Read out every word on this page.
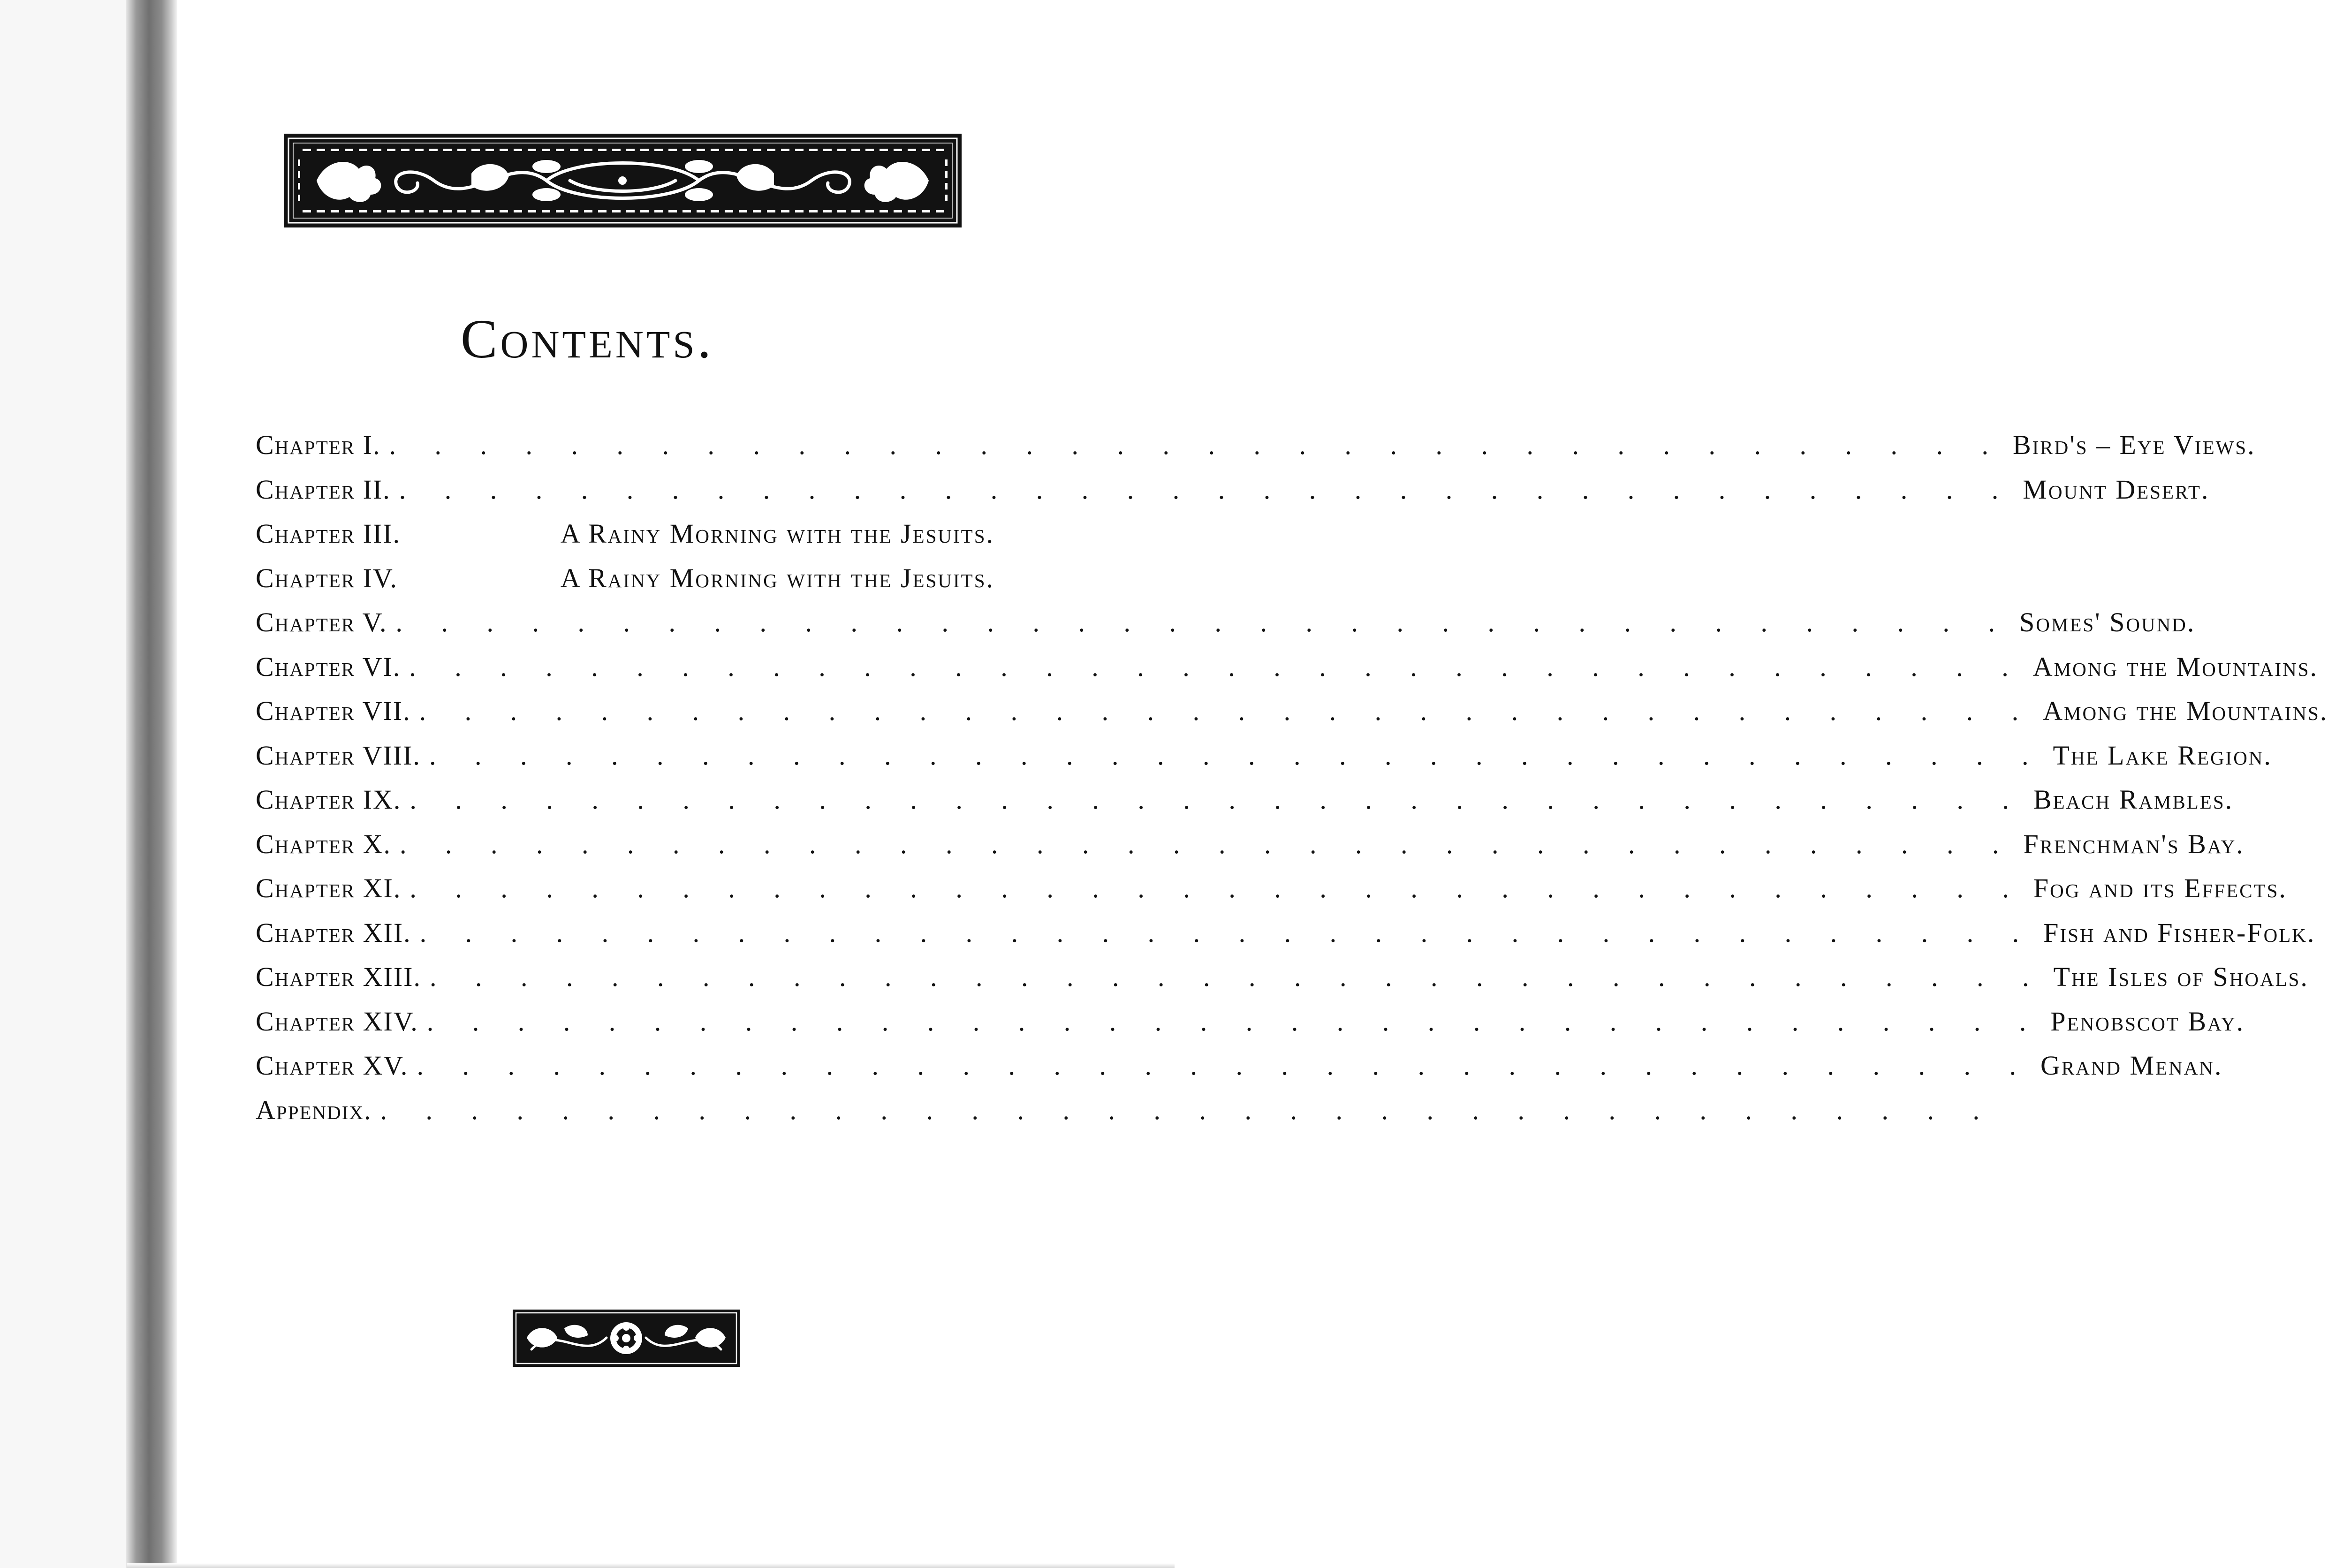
Contents.
Chapter I. . . . . . . . . . . . . . . . . . . . . . . . . . . . . . . . . . . . . Bird's – Eye Views.
Chapter II. . . . . . . . . . . . . . . . . . . . . . . . . . . . . . . . . . . . . Mount Desert.
Chapter III.	A Rainy Morning with the Jesuits.
Chapter IV.	A Rainy Morning with the Jesuits.
Chapter V. . . . . . . . . . . . . . . . . . . . . . . . . . . . . . . . . . . . . Somes' Sound.
Chapter VI. . . . . . . . . . . . . . . . . . . . . . . . . . . . . . . . . . . . . Among the Mountains.
Chapter VII. . . . . . . . . . . . . . . . . . . . . . . . . . . . . . . . . . . . . Among the Mountains.
Chapter VIII. . . . . . . . . . . . . . . . . . . . . . . . . . . . . . . . . . . . . The Lake Region.
Chapter IX. . . . . . . . . . . . . . . . . . . . . . . . . . . . . . . . . . . . . Beach Rambles.
Chapter X. . . . . . . . . . . . . . . . . . . . . . . . . . . . . . . . . . . . . Frenchman's Bay.
Chapter XI. . . . . . . . . . . . . . . . . . . . . . . . . . . . . . . . . . . . . Fog and its Effects.
Chapter XII. . . . . . . . . . . . . . . . . . . . . . . . . . . . . . . . . . . . . Fish and Fisher-Folk.
Chapter XIII. . . . . . . . . . . . . . . . . . . . . . . . . . . . . . . . . . . . . The Isles of Shoals.
Chapter XIV. . . . . . . . . . . . . . . . . . . . . . . . . . . . . . . . . . . . . Penobscot Bay.
Chapter XV. . . . . . . . . . . . . . . . . . . . . . . . . . . . . . . . . . . . . Grand Menan.
Appendix. . . . . . . . . . . . . . . . . . . . . . . . . . . . . . . . . . . . .
